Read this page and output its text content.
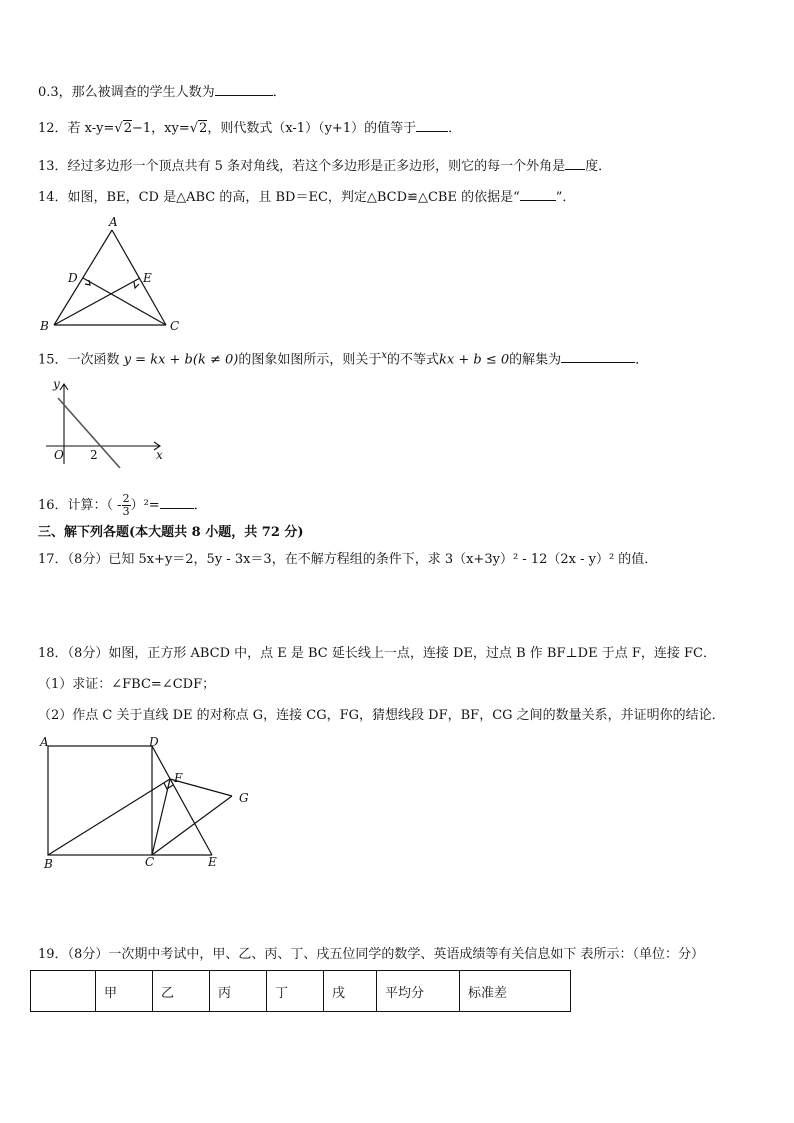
0.3，那么被调查的学生人数为	．
12．若 x-y=√2−1，xy=√2，则代数式（x-1）（y+1）的值等于 ．
13．经过多边形一个顶点共有 5 条对角线，若这个多边形是正多边形，则它的每一个外角是 度．
14．如图，BE，CD 是△ABC 的高，且 BD＝EC，判定△BCD≌△CBE 的依据是“	”．
A
D	E
B	C
15．一次函数 y = kx + b(k ≠ 0)的图象如图所示，则关于$^x$的不等式kx + b ≤ 0的解集为	．
y
O 2	x
16．计算：（ - $\frac{2}{3} )^2=$	．
三、解下列各题(本大题共 8 小题，共 72 分)
17．（8分）已知 5x+y＝2，5y - 3x＝3，在不解方程组的条件下，求 3（x+3y）² - 12（2x - y）² 的值．
18．（8分）如图，正方形 ABCD 中，点 E 是 BC 延长线上一点，连接 DE，过点 B 作 BF⊥DE 于点 F，连接 FC．
（1）求证：∠FBC=∠CDF；
（2）作点 C 关于直线 DE 的对称点 G，连接 CG，FG，猜想线段 DF，BF，CG 之间的数量关系，并证明你的结论．
A	D
F
G
B	C	E
19．（8分）一次期中考试中，甲、乙、丙、丁、戌五位同学的数学、英语成绩等有关信息如下 表所示：（单位：分）
	甲	乙	丙	丁	戌	平均分	标准差
